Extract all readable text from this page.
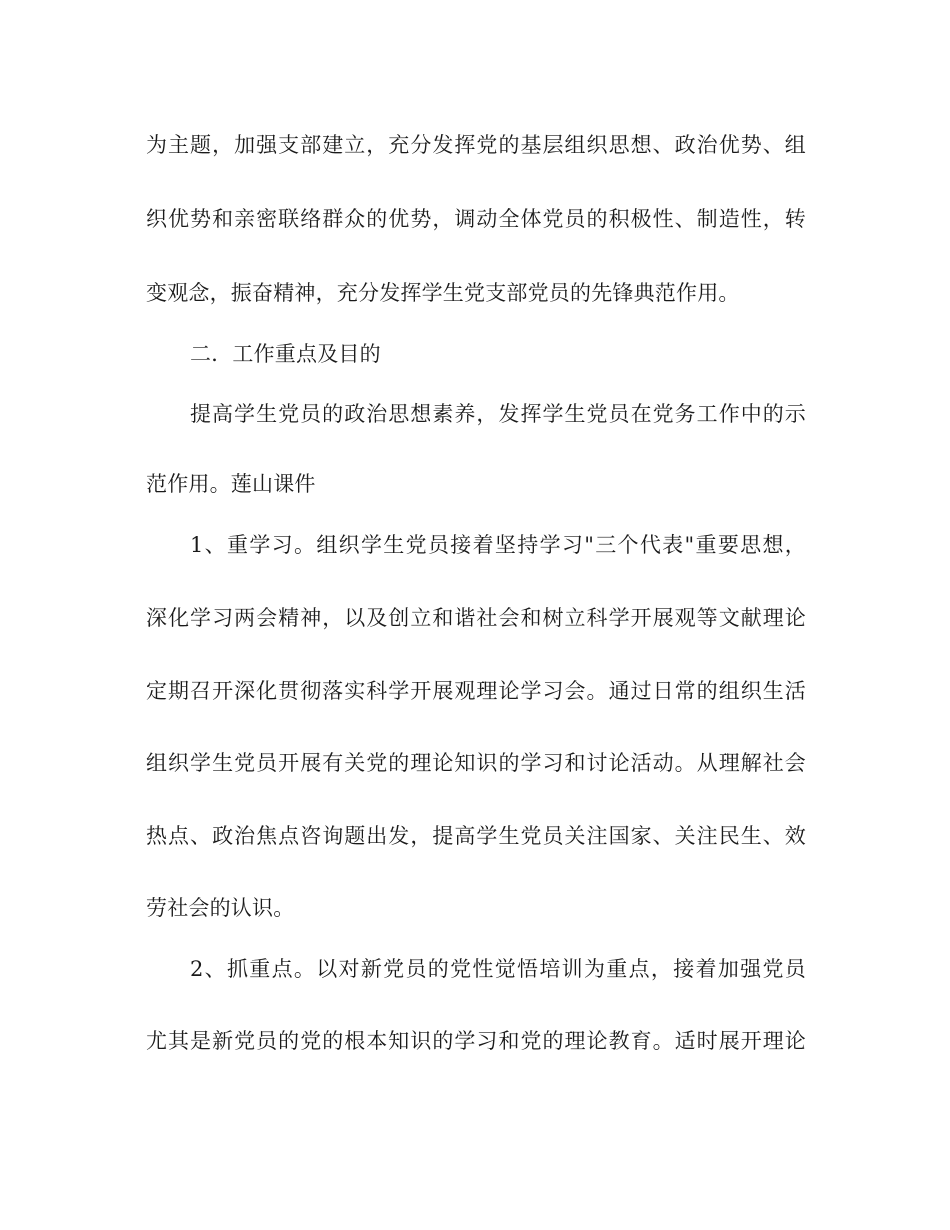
为主题，加强支部建立，充分发挥党的基层组织思想、政治优势、组
织优势和亲密联络群众的优势，调动全体党员的积极性、制造性，转
变观念，振奋精神，充分发挥学生党支部党员的先锋典范作用。
二．工作重点及目的
提高学生党员的政治思想素养，发挥学生党员在党务工作中的示
范作用。莲山课件
1、重学习。组织学生党员接着坚持学习"三个代表"重要思想，
深化学习两会精神，以及创立和谐社会和树立科学开展观等文献理论
定期召开深化贯彻落实科学开展观理论学习会。通过日常的组织生活
组织学生党员开展有关党的理论知识的学习和讨论活动。从理解社会
热点、政治焦点咨询题出发，提高学生党员关注国家、关注民生、效
劳社会的认识。
2、抓重点。以对新党员的党性觉悟培训为重点，接着加强党员
尤其是新党员的党的根本知识的学习和党的理论教育。适时展开理论
